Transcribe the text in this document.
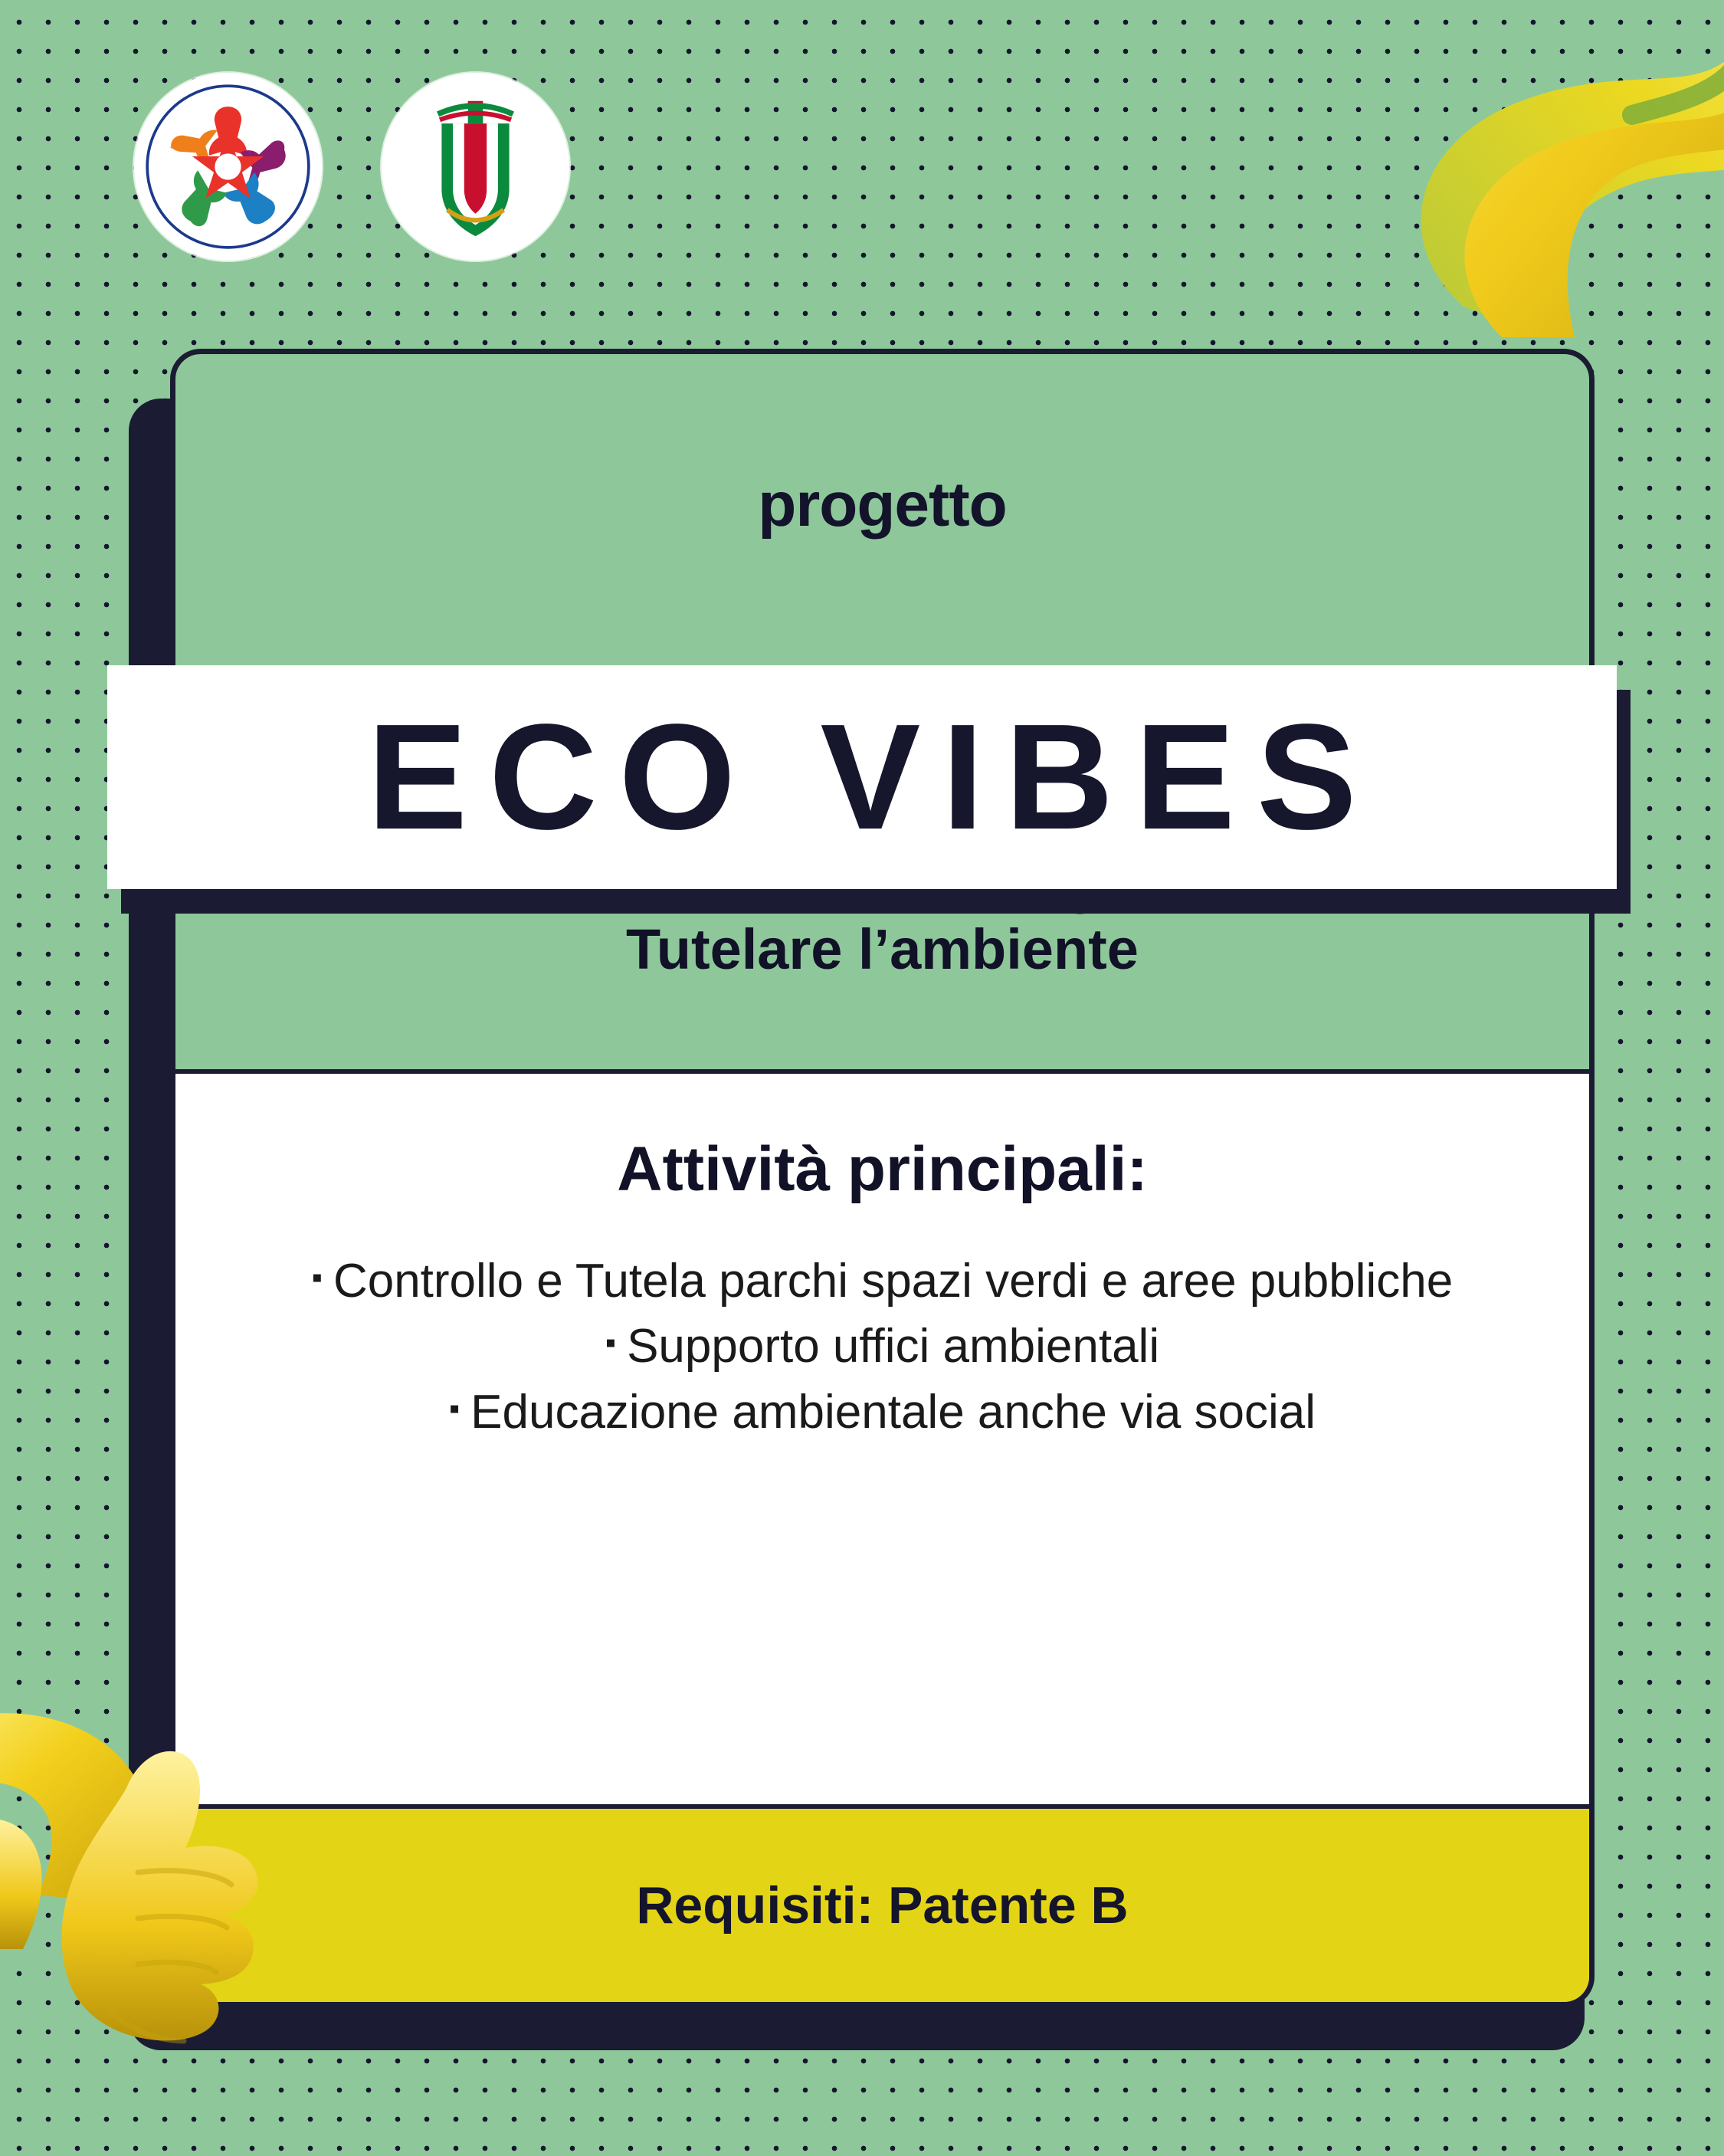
progetto
Tutelare l’ambiente
Attività principali:
▪ Controllo e Tutela parchi spazi verdi e aree pubbliche
▪ Supporto uffici ambientali
▪ Educazione ambientale anche via social
Requisiti: Patente B
ECO VIBES
